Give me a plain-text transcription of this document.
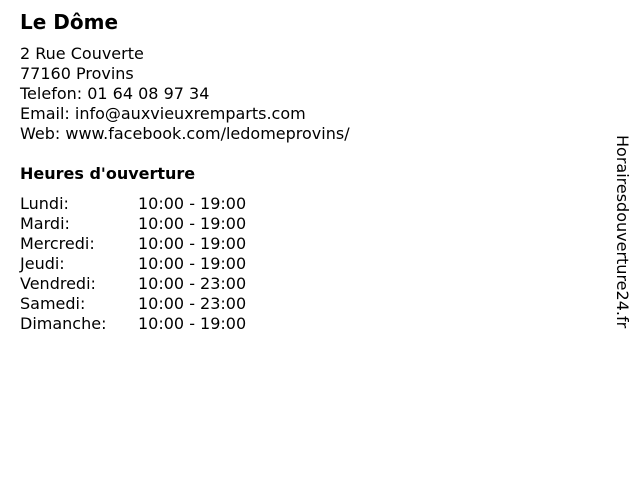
Le Dôme
2 Rue Couverte
77160 Provins
Telefon: 01 64 08 97 34
Email: info@auxvieuxremparts.com
Web: www.facebook.com/ledomeprovins/
Heures d'ouverture
Lundi:	10:00 - 19:00
Mardi:	10:00 - 19:00
Mercredi:	10:00 - 19:00
Jeudi:	10:00 - 19:00
Vendredi:	10:00 - 23:00
Samedi:	10:00 - 23:00
Dimanche:	10:00 - 19:00	Horairesdouverture24.fr
